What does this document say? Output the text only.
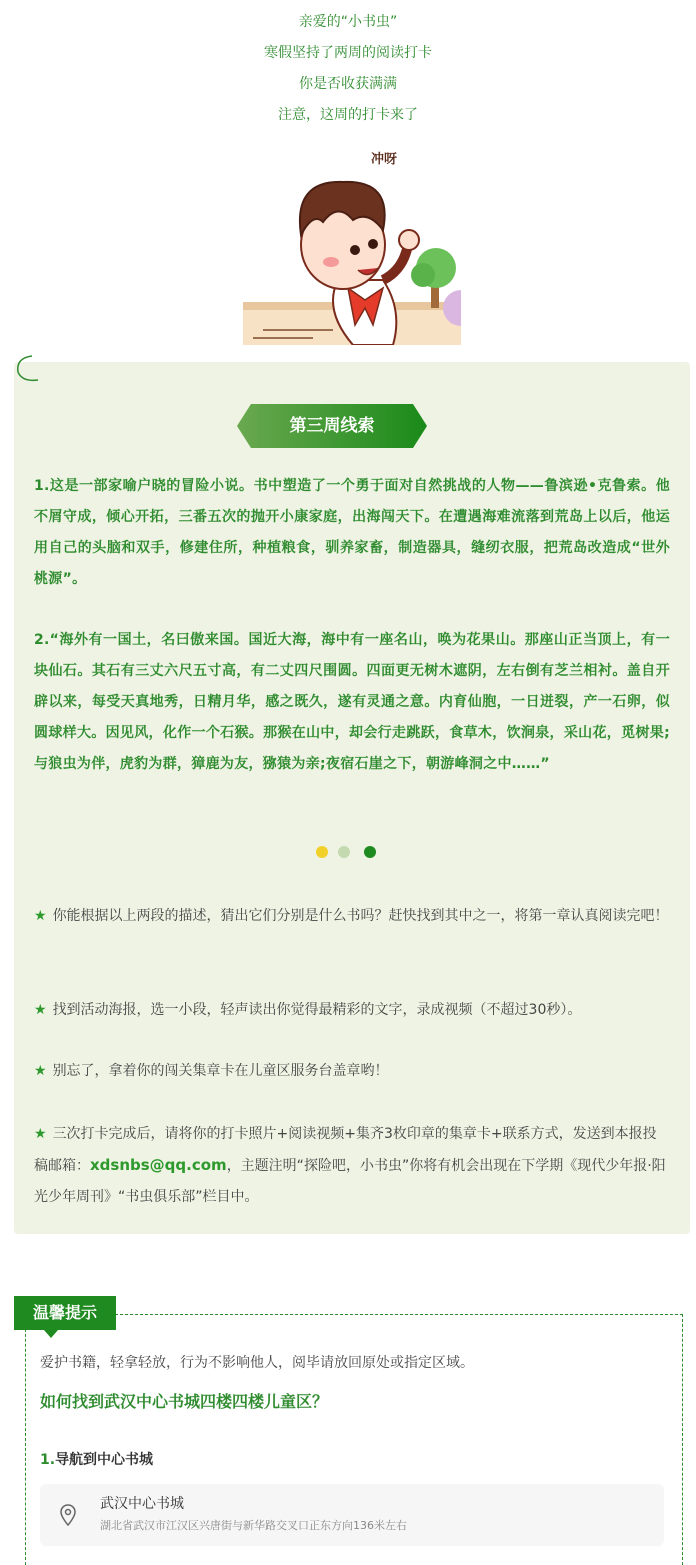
亲爱的“小书虫”

寒假坚持了两周的阅读打卡

你是否收获满满

注意，这周的打卡来了

冲呀
第三周线索
1.这是一部家喻户晓的冒险小说。书中塑造了一个勇于面对自然挑战的人物——鲁滨逊•克鲁索。他不屑守成，倾心开拓，三番五次的抛开小康家庭，出海闯天下。在遭遇海难流落到荒岛上以后，他运用自己的头脑和双手，修建住所，种植粮食，驯养家畜，制造器具，缝纫衣服，把荒岛改造成“世外桃源”。
2.“海外有一国土，名曰傲来国。国近大海，海中有一座名山，唤为花果山。那座山正当顶上，有一块仙石。其石有三丈六尺五寸高，有二丈四尺围圆。四面更无树木遮阴，左右倒有芝兰相衬。盖自开辟以来，每受天真地秀，日精月华，感之既久，遂有灵通之意。内育仙胞，一日迸裂，产一石卵，似圆球样大。因见风，化作一个石猴。那猴在山中，却会行走跳跃，食草木，饮涧泉，采山花，觅树果;与狼虫为伴，虎豹为群，獐鹿为友，猕猿为亲;夜宿石崖之下，朝游峰洞之中……”
★ 你能根据以上两段的描述，猜出它们分别是什么书吗？赶快找到其中之一，将第一章认真阅读完吧！
★ 找到活动海报，选一小段，轻声读出你觉得最精彩的文字，录成视频（不超过30秒）。
★ 别忘了，拿着你的闯关集章卡在儿童区服务台盖章哟！
★ 三次打卡完成后，请将你的打卡照片+阅读视频+集齐3枚印章的集章卡+联系方式，发送到本报投稿邮箱：xdsnbs@qq.com，主题注明“探险吧，小书虫”你将有机会出现在下学期《现代少年报·阳光少年周刊》“书虫俱乐部”栏目中。
温馨提示
爱护书籍，轻拿轻放，行为不影响他人，阅毕请放回原处或指定区域。
如何找到武汉中心书城四楼四楼儿童区？
1.导航到中心书城
武汉中心书城
湖北省武汉市江汉区兴唐街与新华路交叉口正东方向136米左右
